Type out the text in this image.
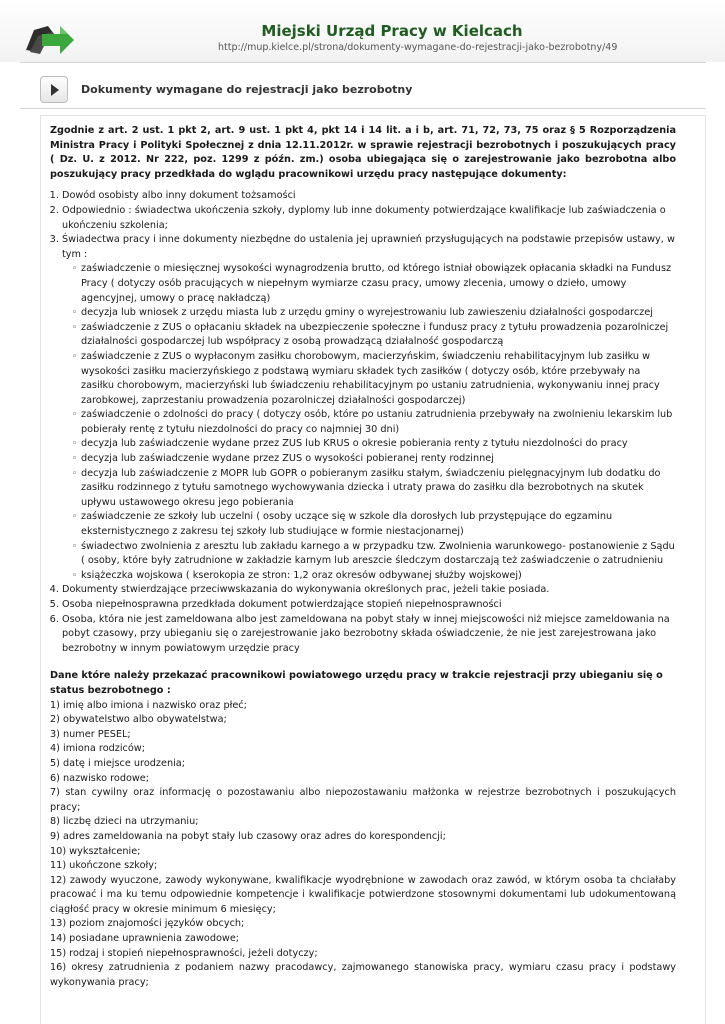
Miejski Urząd Pracy w Kielcach
http://mup.kielce.pl/strona/dokumenty-wymagane-do-rejestracji-jako-bezrobotny/49
Dokumenty wymagane do rejestracji jako bezrobotny

Zgodnie z art. 2 ust. 1 pkt 2, art. 9 ust. 1 pkt 4, pkt 14 i 14 lit. a i b, art. 71, 72, 73, 75 oraz § 5 Rozporządzenia Ministra Pracy i Polityki Społecznej z dnia 12.11.2012r. w sprawie rejestracji bezrobotnych i poszukujących pracy ( Dz. U. z 2012. Nr 222, poz. 1299 z późn. zm.) osoba ubiegająca się o zarejestrowanie jako bezrobotna albo poszukujący pracy przedkłada do wglądu pracownikowi urzędu pracy następujące dokumenty:

1. Dowód osobisty albo inny dokument tożsamości
2. Odpowiednio : świadectwa ukończenia szkoły, dyplomy lub inne dokumenty potwierdzające kwalifikacje lub zaświadczenia o ukończeniu szkolenia;
3. Świadectwa pracy i inne dokumenty niezbędne do ustalenia jej uprawnień przysługujących na podstawie przepisów ustawy, w tym :
◦ zaświadczenie o miesięcznej wysokości wynagrodzenia brutto, od którego istniał obowiązek opłacania składki na Fundusz Pracy ( dotyczy osób pracujących w niepełnym wymiarze czasu pracy, umowy zlecenia, umowy o dzieło, umowy agencyjnej, umowy o pracę nakładczą)
◦ decyzja lub wniosek z urzędu miasta lub z urzędu gminy o wyrejestrowaniu lub zawieszeniu działalności gospodarczej
◦ zaświadczenie z ZUS o opłacaniu składek na ubezpieczenie społeczne i fundusz pracy z tytułu prowadzenia pozarolniczej działalności gospodarczej lub współpracy z osobą prowadzącą działalność gospodarczą
◦ zaświadczenie z ZUS o wypłaconym zasiłku chorobowym, macierzyńskim, świadczeniu rehabilitacyjnym lub zasiłku w wysokości zasiłku macierzyńskiego z podstawą wymiaru składek tych zasiłków ( dotyczy osób, które przebywały na zasiłku chorobowym, macierzyński lub świadczeniu rehabilitacyjnym po ustaniu zatrudnienia, wykonywaniu innej pracy zarobkowej, zaprzestaniu prowadzenia pozarolniczej działalności gospodarczej)
◦ zaświadczenie o zdolności do pracy ( dotyczy osób, które po ustaniu zatrudnienia przebywały na zwolnieniu lekarskim lub pobierały rentę z tytułu niezdolności do pracy co najmniej 30 dni)
◦ decyzja lub zaświadczenie wydane przez ZUS lub KRUS o okresie pobierania renty z tytułu niezdolności do pracy
◦ decyzja lub zaświadczenie wydane przez ZUS o wysokości pobieranej renty rodzinnej
◦ decyzja lub zaświadczenie z MOPR lub GOPR o pobieranym zasiłku stałym, świadczeniu pielęgnacyjnym lub dodatku do zasiłku rodzinnego z tytułu samotnego wychowywania dziecka i utraty prawa do zasiłku dla bezrobotnych na skutek upływu ustawowego okresu jego pobierania
◦ zaświadczenie ze szkoły lub uczelni ( osoby uczące się w szkole dla dorosłych lub przystępujące do egzaminu eksternistycznego z zakresu tej szkoły lub studiujące w formie niestacjonarnej)
◦ świadectwo zwolnienia z aresztu lub zakładu karnego a w przypadku tzw. Zwolnienia warunkowego- postanowienie z Sądu ( osoby, które były zatrudnione w zakładzie karnym lub areszcie śledczym dostarczają też zaświadczenie o zatrudnieniu
◦ książeczka wojskowa ( kserokopia ze stron: 1,2 oraz okresów odbywanej służby wojskowej)
4. Dokumenty stwierdzające przeciwwskazania do wykonywania określonych prac, jeżeli takie posiada.
5. Osoba niepełnosprawna przedkłada dokument potwierdzające stopień niepełnosprawności
6. Osoba, która nie jest zameldowana albo jest zameldowana na pobyt stały w innej miejscowości niż miejsce zameldowania na pobyt czasowy, przy ubieganiu się o zarejestrowanie jako bezrobotny składa oświadczenie, że nie jest zarejestrowana jako bezrobotny w innym powiatowym urzędzie pracy

Dane które należy przekazać pracownikowi powiatowego urzędu pracy w trakcie rejestracji przy ubieganiu się o status bezrobotnego :

1) imię albo imiona i nazwisko oraz płeć;
2) obywatelstwo albo obywatelstwa;
3) numer PESEL;
4) imiona rodziców;
5) datę i miejsce urodzenia;
6) nazwisko rodowe;
7) stan cywilny oraz informację o pozostawaniu albo niepozostawaniu małżonka w rejestrze bezrobotnych i poszukujących pracy;
8) liczbę dzieci na utrzymaniu;
9) adres zameldowania na pobyt stały lub czasowy oraz adres do korespondencji;
10) wykształcenie;
11) ukończone szkoły;
12) zawody wyuczone, zawody wykonywane, kwalifikacje wyodrębnione w zawodach oraz zawód, w którym osoba ta chciałaby pracować i ma ku temu odpowiednie kompetencje i kwalifikacje potwierdzone stosownymi dokumentami lub udokumentowaną ciągłość pracy w okresie minimum 6 miesięcy;
13) poziom znajomości języków obcych;
14) posiadane uprawnienia zawodowe;
15) rodzaj i stopień niepełnosprawności, jeżeli dotyczy;
16) okresy zatrudnienia z podaniem nazwy pracodawcy, zajmowanego stanowiska pracy, wymiaru czasu pracy i podstawy wykonywania pracy;
